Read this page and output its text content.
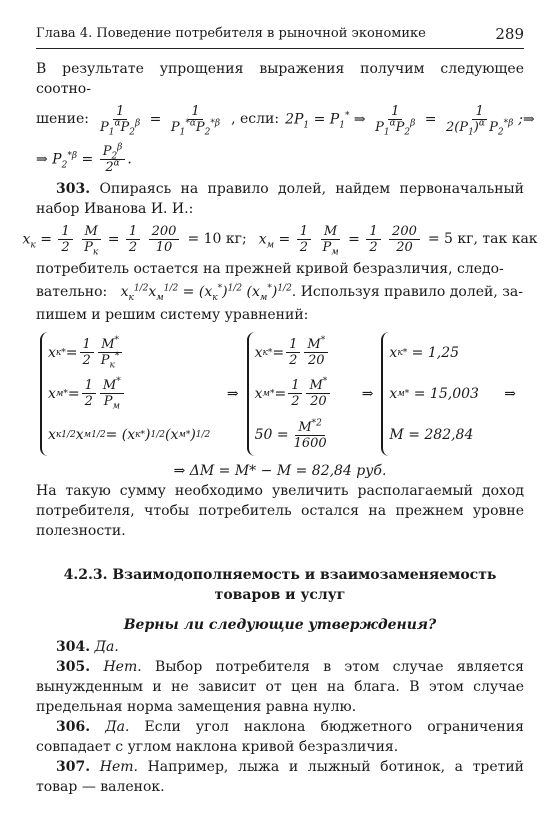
Глава 4. Поведение потребителя в рыночной экономике	289

В результате упрощения выражения получим следующее соотно-

шение: $\frac{1}{P_1^\alpha P_2^\beta} = \frac{1}{P_1^{*\alpha}P_2^{*\beta}}$ , если: $2P_1 = P_1^*$ ⇒ $\frac{1}{P_1^\alpha P_2^\beta} = \frac{1}{2(P_1)^\alpha P_2^{*\beta}}$ ;⇒
⇒ $P_2^{*\beta} = \frac{P_2^\beta}{2^\alpha}$ .

303. Опираясь на правило долей, найдем первоначальный набор Иванова И. И.:

$x_к = \frac{1}{2}$
$\frac{M}{P_к} = \frac{1}{2}$
$\frac{200}{10} = 10$ кг; $x_м = \frac{1}{2}$
$\frac{M}{P_м} = \frac{1}{2}$
$\frac{200}{20} = 5$ кг, так как

потребитель остается на прежней кривой безразличия, следо-

вательно:   $x_к^{1/2}x_м^{1/2} = (x_к^*)^{1/2}$ $(x_м^*)^{1/2}$. Используя правило долей, за-

пишем и решим систему уравнений:

x к * = $\frac{1}{2} \frac{M^*}{P_к^*}$
x м * = $\frac{1}{2} \frac{M^*}{P_м}$
x к 1/2 x м 1/2 = (x к * ) 1/2 (x м * ) 1/2
⇒
x к * = $\frac{1}{2} \frac{M^*}{20}$
x м * = $\frac{1}{2} \frac{M^*}{20}$
$50 = \frac{M^{*2}}{1600}$
⇒
x к *
= 1,25
x м *
= 15,003
M = 282,84
⇒
⇒ ΔM = M* − M = 82,84 руб.

На такую сумму необходимо увеличить располагаемый доход потребителя, чтобы потребитель остался на прежнем уровне полезности.

4.2.3. Взаимодополняемость и взаимозаменяемость
товаров и услуг
Верны ли следующие утверждения?

304. Да.

305. Нет. Выбор потребителя в этом случае является вынужденным и не зависит от цен на блага. В этом случае предельная норма замещения равна нулю.

306. Да. Если угол наклона бюджетного ограничения совпадает с углом наклона кривой безразличия.

307. Нет. Например, лыжа и лыжный ботинок, а третий товар — валенок.
